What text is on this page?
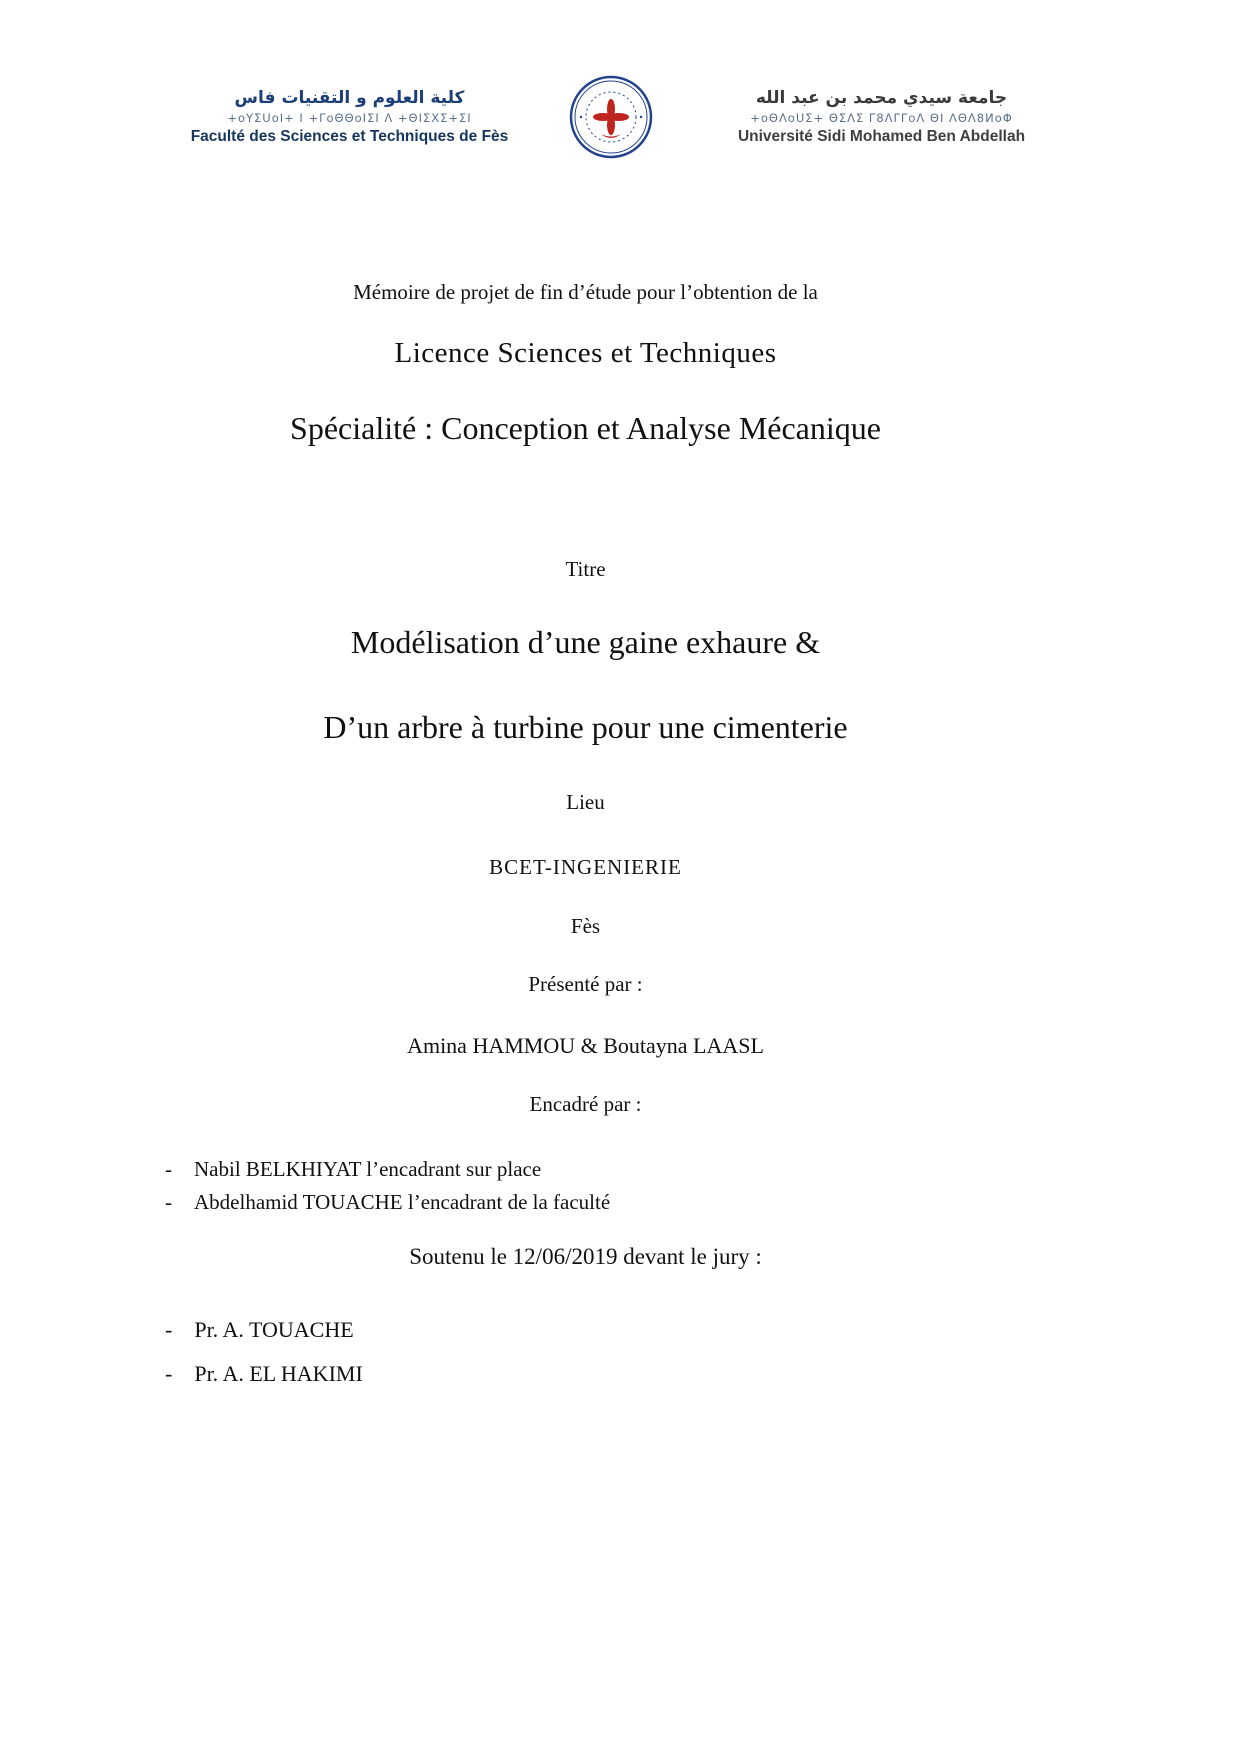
كلية العلوم و التقنيات فاس
+oΥΣUoΙ+ Ι +ΓoΘΘoΙΣΙ Λ +ΘΙΣΧΣ+ΣΙ
Faculté des Sciences et Techniques de Fès
جامعة سيدي محمد بن عبد الله
+oΘΛoUΣ+ ΘΣΛΣ Γ8ΛΓΓoΛ ΘΙ ΛΘΛ8ИoΦ
Université Sidi Mohamed Ben Abdellah

Mémoire de projet de fin d’étude pour l’obtention de la

Licence Sciences et Techniques

Spécialité : Conception et Analyse Mécanique

Titre

Modélisation d’une gaine exhaure &

D’un arbre à turbine pour une cimenterie

Lieu

BCET-INGENIERIE

Fès

Présenté par :

Amina HAMMOU & Boutayna LAASL

Encadré par :

- Nabil BELKHIYAT l’encadrant sur place
- Abdelhamid TOUACHE l’encadrant de la faculté

Soutenu le 12/06/2019 devant le jury :

- Pr. A. TOUACHE
- Pr. A. EL HAKIMI
